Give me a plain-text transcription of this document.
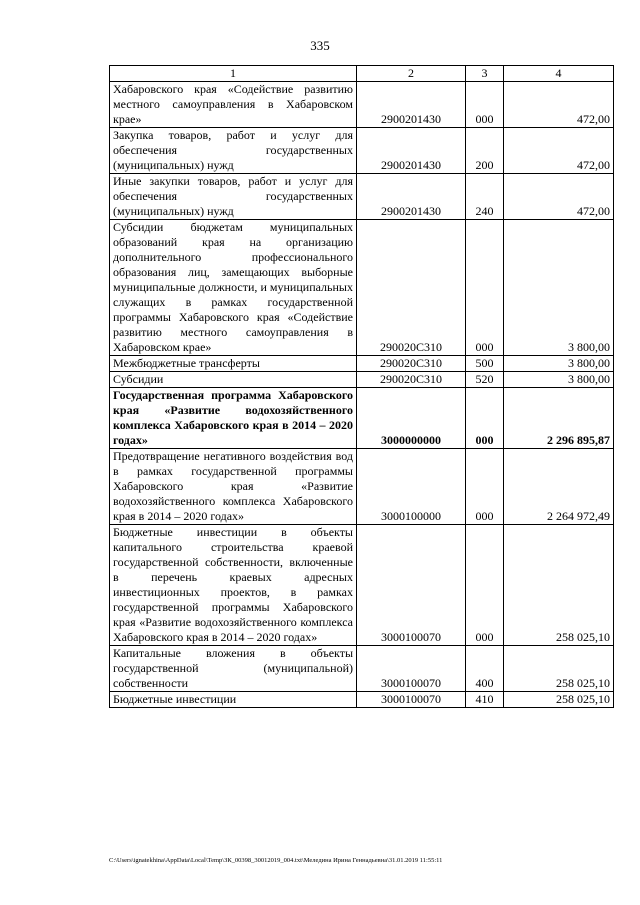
335
1	2	3	4
Хабаровского края «Содействие развитию местного самоуправления в Хабаровском крае»	2900201430	000	472,00
Закупка товаров, работ и услуг для обеспечения государственных (муниципальных) нужд	2900201430	200	472,00
Иные закупки товаров, работ и услуг для обеспечения государственных (муниципальных) нужд	2900201430	240	472,00
Субсидии бюджетам муниципальных образований края на организацию дополнительного профессионального образования лиц, замещающих выборные муниципальные должности, и муниципальных служащих в рамках государственной программы Хабаровского края «Содействие развитию местного самоуправления в Хабаровском крае»	290020С310	000	3 800,00
Межбюджетные трансферты	290020С310	500	3 800,00
Субсидии	290020С310	520	3 800,00
Государственная программа Хабаровского края «Развитие водохозяйственного комплекса Хабаровского края в 2014 – 2020 годах»	3000000000	000	2 296 895,87
Предотвращение негативного воздействия вод в рамках государственной программы Хабаровского края «Развитие водохозяйственного комплекса Хабаровского края в 2014 – 2020 годах»	3000100000	000	2 264 972,49
Бюджетные инвестиции в объекты капитального строительства краевой государственной собственности, включенные в перечень краевых адресных инвестиционных проектов, в рамках государственной программы Хабаровского края «Развитие водохозяйственного комплекса Хабаровского края в 2014 – 2020 годах»	3000100070	000	258 025,10
Капитальные вложения в объекты государственной (муниципальной) собственности	3000100070	400	258 025,10
Бюджетные инвестиции	3000100070	410	258 025,10
C:\Users\ignatekhina\AppData\Local\Temp\ЗК_00398_30012019_004.txt\Меледина Ирина Геннадьевна\31.01.2019 11:55:11
